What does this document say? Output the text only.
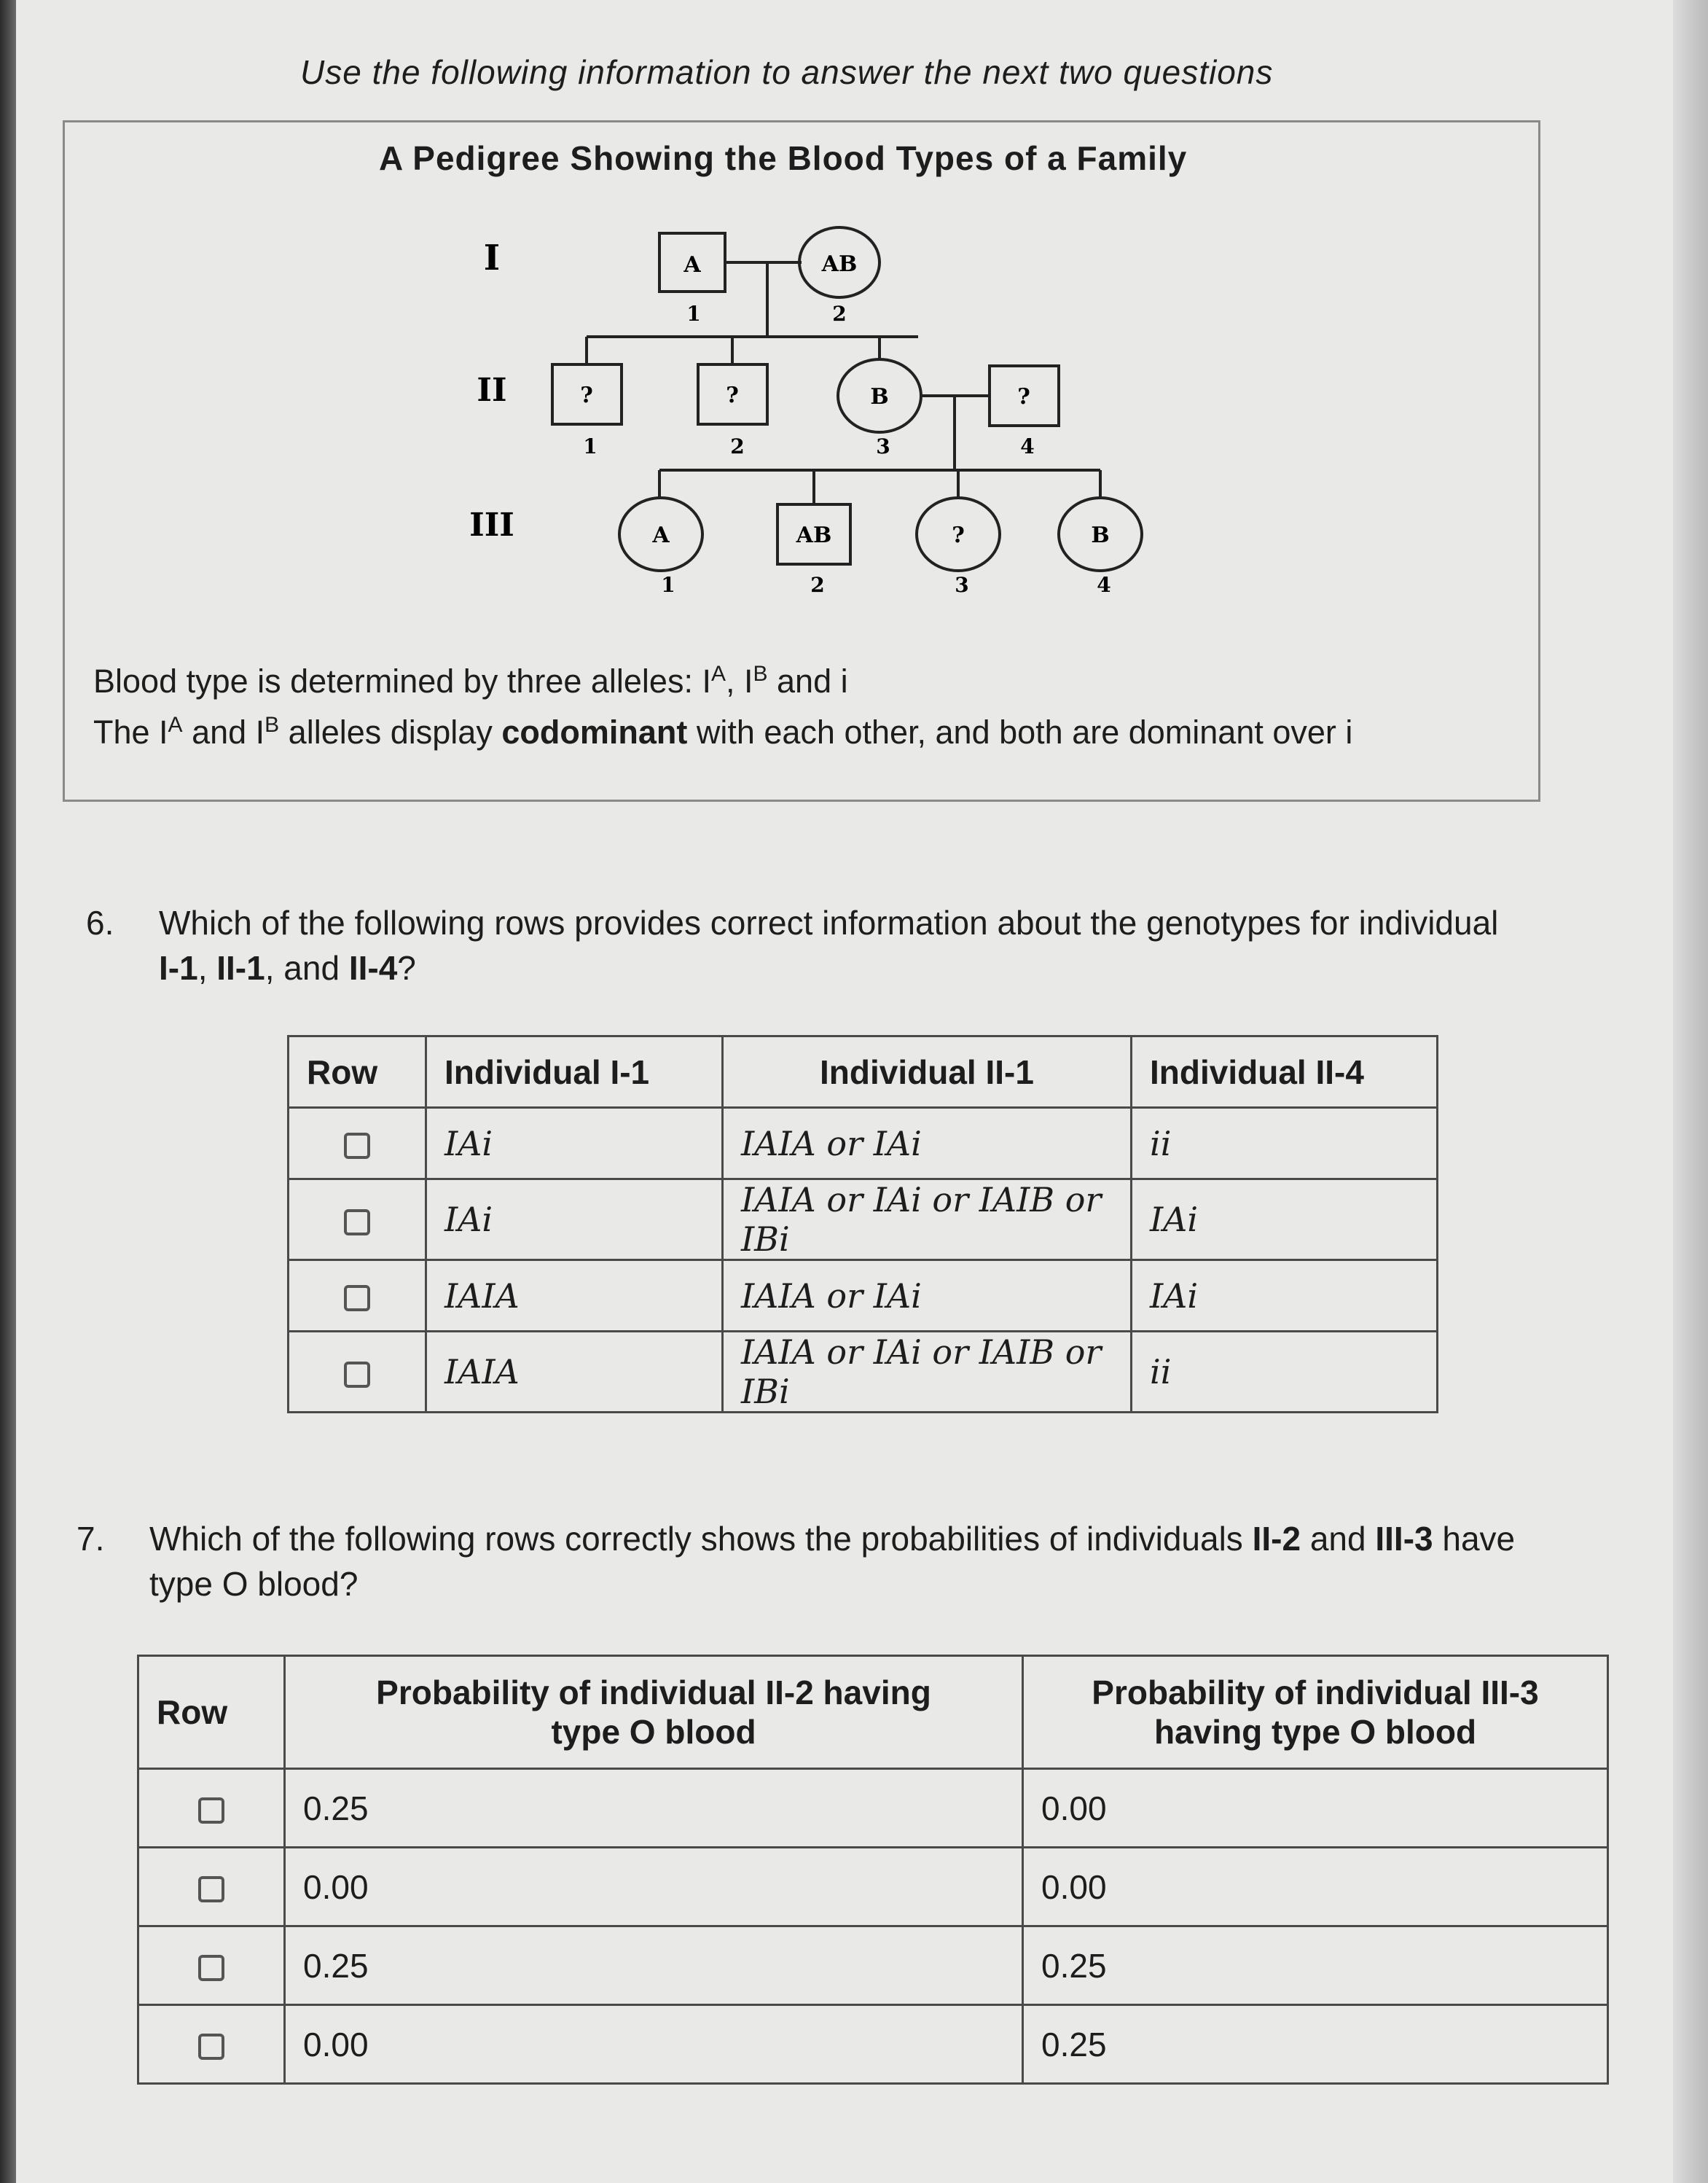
Use the following information to answer the next two questions
A Pedigree Showing the Blood Types of a Family
I
II
III
A
1
AB
2
?
1
?
2
B
3
?
4
A
1
AB
2
?
3
B
4
Blood type is determined by three alleles: $I^A$, $I^B$ and i
The $I^A$ and $I^B$ alleles display codominant with each other, and both are dominant over i
6. Which of the following rows provides correct information about the genotypes for individual I-1, II-1, and II-4?
Row	Individual I-1	Individual II-1	Individual II-4
	IAi	IAIA or IAi	ii
	IAi	IAIA or IAi or IAIB or IBi	IAi
	IAIA	IAIA or IAi	IAi
	IAIA	IAIA or IAi or IAIB or IBi	ii
7. Which of the following rows correctly shows the probabilities of individuals II-2 and III-3 have type O blood?
Row	Probability of individual II-2 having type O blood	Probability of individual III-3 having type O blood
	0.25	0.00
	0.00	0.00
	0.25	0.25
	0.00	0.25
